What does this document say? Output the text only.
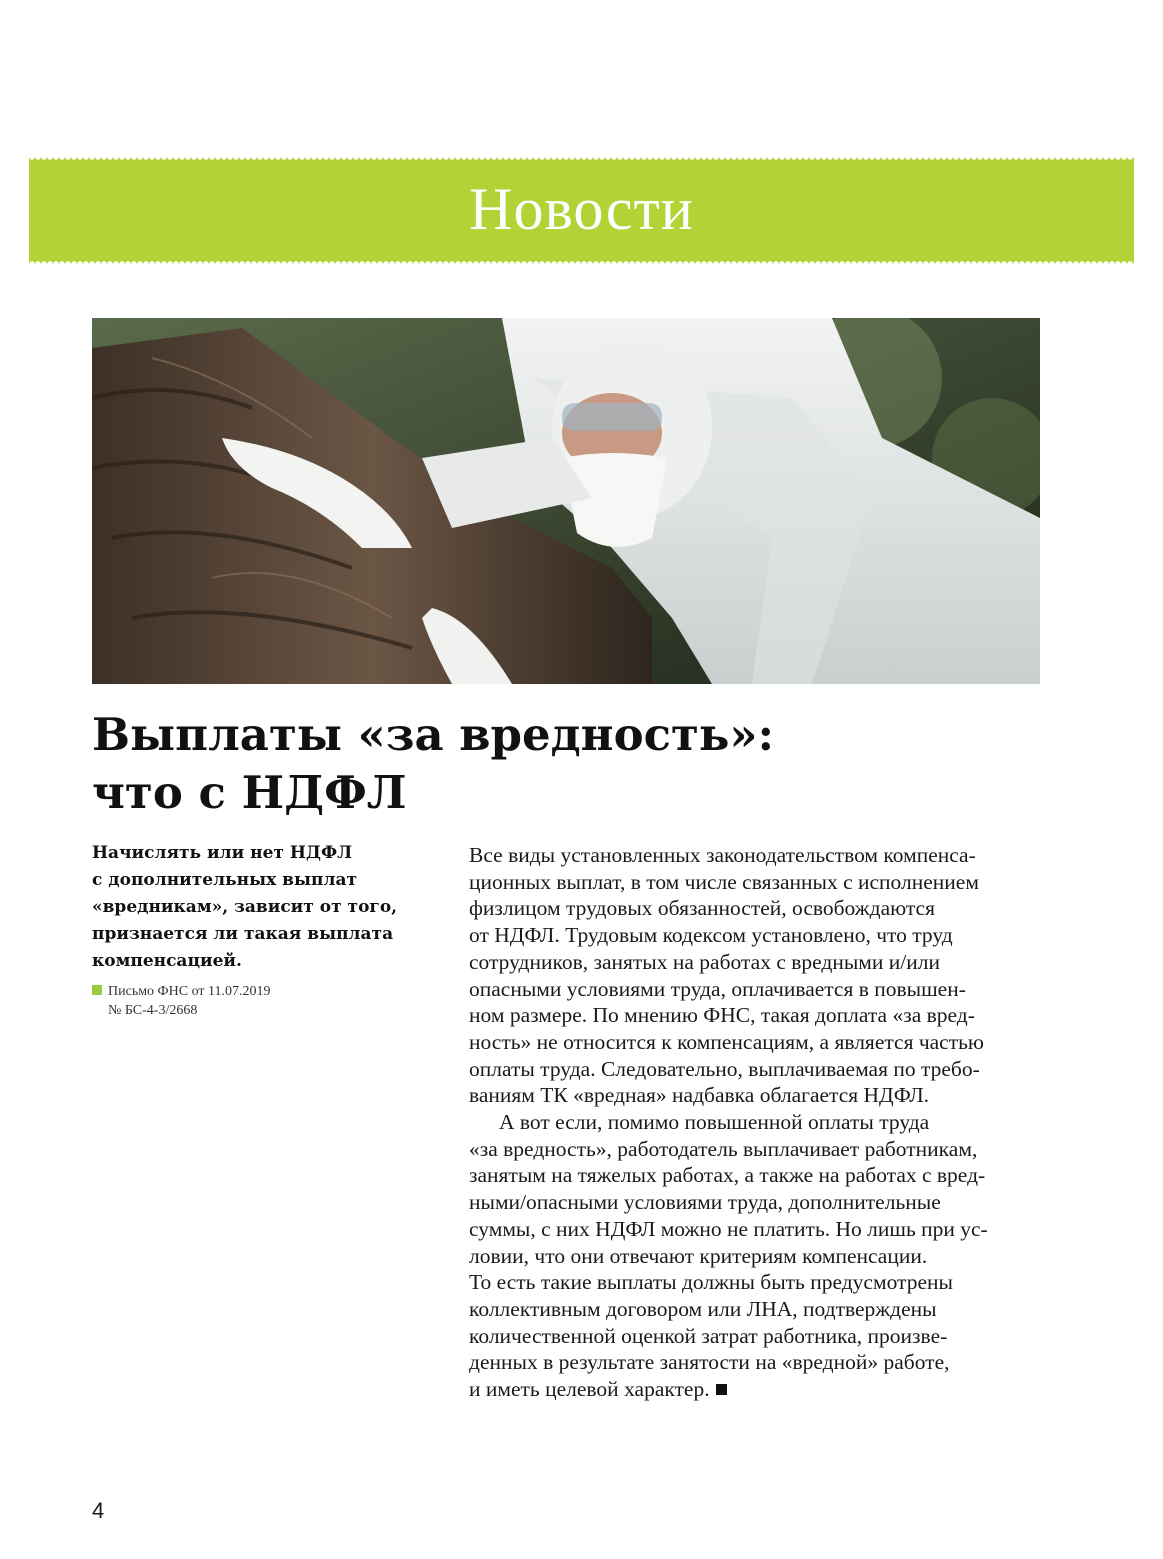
Новости
Выплаты «за вредность»:
что с НДФЛ
Начислять или нет НДФЛ
с дополнительных выплат
«вредникам», зависит от того,
признается ли такая выплата
компенсацией.
Письмо ФНС от 11.07.2019
№ БС-4-3/2668
Все виды установленных законодательством компенса-
ционных выплат, в том числе связанных с исполнением
физлицом трудовых обязанностей, освобождаются
от НДФЛ. Трудовым кодексом установлено, что труд
сотрудников, занятых на работах с вредными и/или
опасными условиями труда, оплачивается в повышен-
ном размере. По мнению ФНС, такая доплата «за вред-
ность» не относится к компенсациям, а является частью
оплаты труда. Следовательно, выплачиваемая по требо-
ваниям ТК «вредная» надбавка облагается НДФЛ.
А вот если, помимо повышенной оплаты труда
«за вредность», работодатель выплачивает работникам,
занятым на тяжелых работах, а также на работах с вред-
ными/опасными условиями труда, дополнительные
суммы, с них НДФЛ можно не платить. Но лишь при ус-
ловии, что они отвечают критериям компенсации.
То есть такие выплаты должны быть предусмотрены
коллективным договором или ЛНА, подтверждены
количественной оценкой затрат работника, произве-
денных в результате занятости на «вредной» работе,
и иметь целевой характер.
4
